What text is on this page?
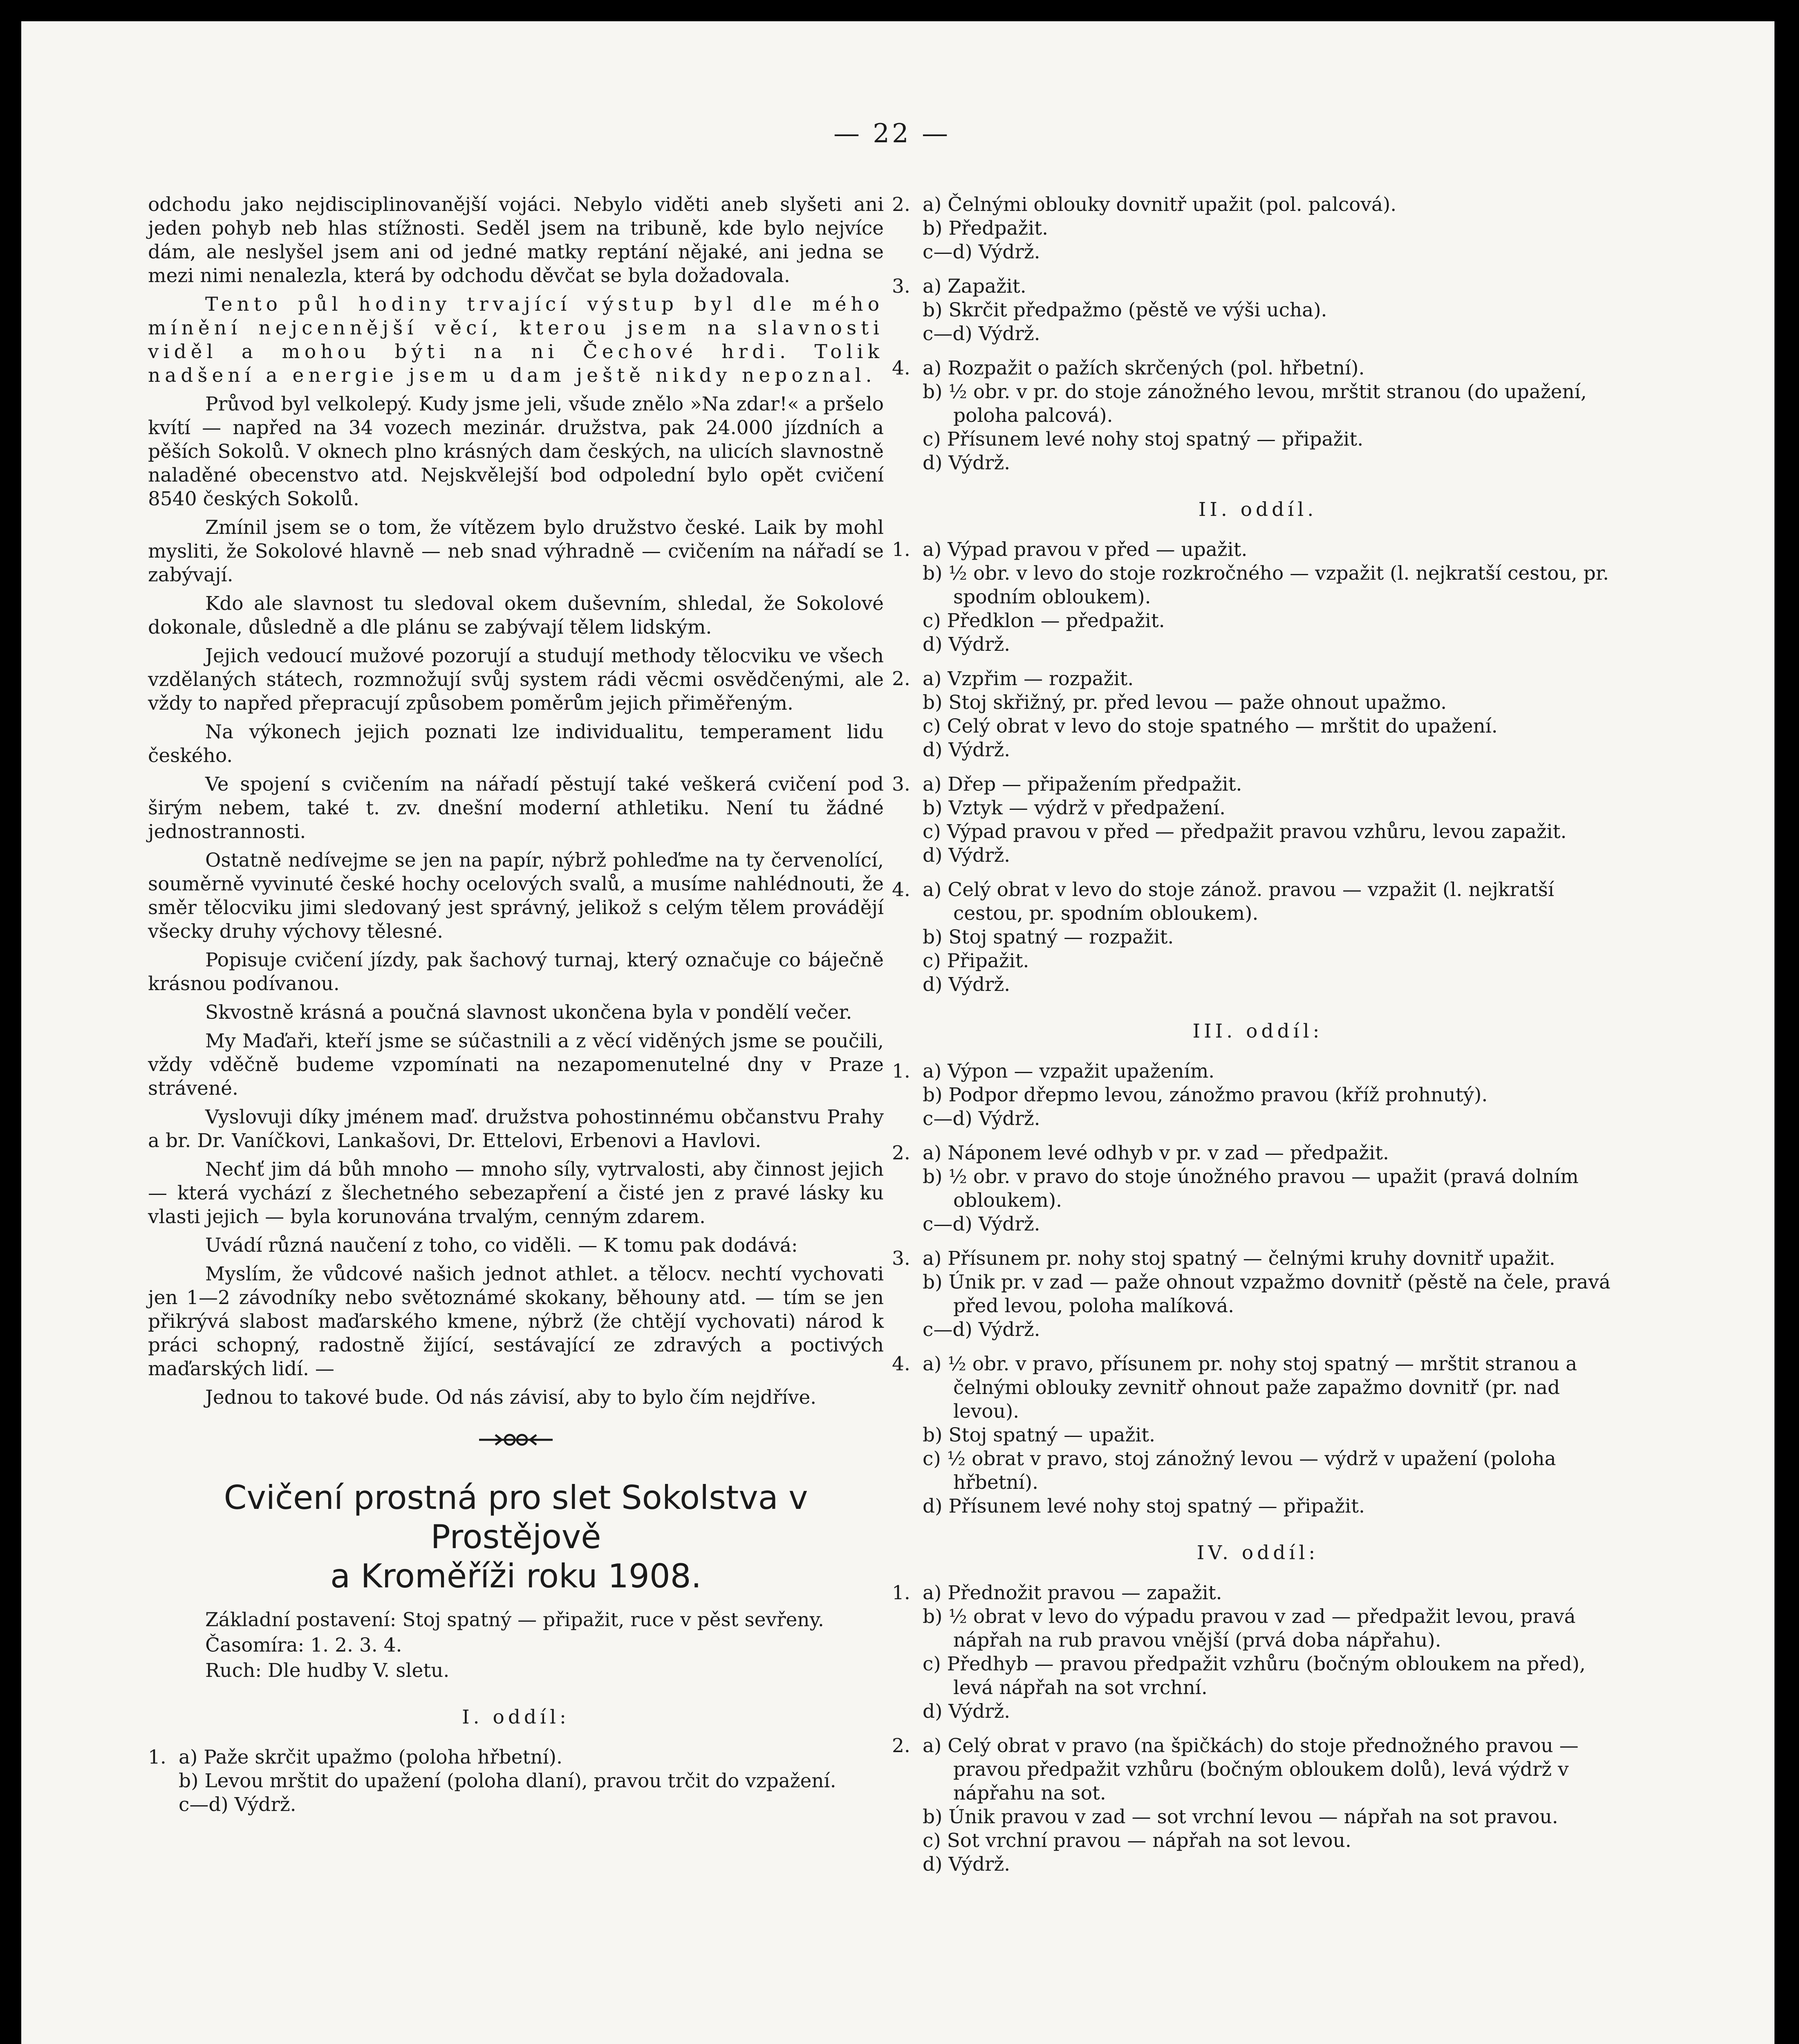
— 22 —

odchodu jako nejdisciplinovanější vojáci. Nebylo viděti aneb slyšeti ani jeden pohyb neb hlas stížnosti. Seděl jsem na tribuně, kde bylo nejvíce dám, ale neslyšel jsem ani od jedné matky reptání nějaké, ani jedna se mezi nimi nenalezla, která by odchodu děvčat se byla dožadovala.

Tento půl hodiny trvající výstup byl dle mého mínění nejcennější věcí, kterou jsem na slavnosti viděl a mohou býti na ni Čechové hrdi. Tolik nadšení a energie jsem u dam ještě nikdy nepoznal.

Průvod byl velkolepý. Kudy jsme jeli, všude znělo »Na zdar!« a pršelo kvítí — napřed na 34 vozech mezinár. družstva, pak 24.000 jízdních a pěších Sokolů. V oknech plno krásných dam českých, na ulicích slavnostně naladěné obecenstvo atd. Nejskvělejší bod odpolední bylo opět cvičení 8540 českých Sokolů.

Zmínil jsem se o tom, že vítězem bylo družstvo české. Laik by mohl mysliti, že Sokolové hlavně — neb snad výhradně — cvičením na nářadí se zabývají.

Kdo ale slavnost tu sledoval okem duševním, shledal, že Sokolové dokonale, důsledně a dle plánu se zabývají tělem lidským.

Jejich vedoucí mužové pozorují a studují methody tělocviku ve všech vzdělaných státech, rozmnožují svůj system rádi věcmi osvědčenými, ale vždy to napřed přepracují způsobem poměrům jejich přiměřeným.

Na výkonech jejich poznati lze individualitu, temperament lidu českého.

Ve spojení s cvičením na nářadí pěstují také veškerá cvičení pod širým nebem, také t. zv. dnešní moderní athletiku. Není tu žádné jednostrannosti.

Ostatně nedívejme se jen na papír, nýbrž pohleďme na ty červenolící, souměrně vyvinuté české hochy ocelových svalů, a musíme nahlédnouti, že směr tělocviku jimi sledovaný jest správný, jelikož s celým tělem provádějí všecky druhy výchovy tělesné.

Popisuje cvičení jízdy, pak šachový turnaj, který označuje co báječně krásnou podívanou.

Skvostně krásná a poučná slavnost ukončena byla v pondělí večer.

My Maďaři, kteří jsme se súčastnili a z věcí viděných jsme se poučili, vždy vděčně budeme vzpomínati na nezapomenutelné dny v Praze strávené.

Vyslovuji díky jménem maď. družstva pohostinnému občanstvu Prahy a br. Dr. Vaníčkovi, Lankašovi, Dr. Ettelovi, Erbenovi a Havlovi.

Nechť jim dá bůh mnoho — mnoho síly, vytrvalosti, aby činnost jejich — která vychází z šlechetného sebezapření a čisté jen z pravé lásky ku vlasti jejich — byla korunována trvalým, cenným zdarem.

Uvádí různá naučení z toho, co viděli. — K tomu pak dodává:

Myslím, že vůdcové našich jednot athlet. a tělocv. nechtí vychovati jen 1—2 závodníky nebo světoznámé skokany, běhouny atd. — tím se jen přikrývá slabost maďarského kmene, nýbrž (že chtějí vychovati) národ k práci schopný, radostně žijící, sestávající ze zdravých a poctivých maďarských lidí. —

Jednou to takové bude. Od nás závisí, aby to bylo čím nejdříve.

Cvičení prostná pro slet Sokolstva v Prostějově
a Kroměříži roku 1908.

Základní postavení: Stoj spatný — připažit, ruce v pěst sevřeny.

Časomíra: 1. 2. 3. 4.

Ruch: Dle hudby V. sletu.

I. oddíl:
1. a) Paže skrčit upažmo (poloha hřbetní).
b) Levou mrštit do upažení (poloha dlaní), pravou trčit do vzpažení.
c—d) Výdrž.
2. a) Čelnými oblouky dovnitř upažit (pol. palcová).
b) Předpažit.
c—d) Výdrž.
3. a) Zapažit.
b) Skrčit předpažmo (pěstě ve výši ucha).
c—d) Výdrž.
4. a) Rozpažit o pažích skrčených (pol. hřbetní).
b) ½ obr. v pr. do stoje zánožného levou, mrštit stranou (do upažení, poloha palcová).
c) Přísunem levé nohy stoj spatný — připažit.
d) Výdrž.
II. oddíl.
1. a) Výpad pravou v před — upažit.
b) ½ obr. v levo do stoje rozkročného — vzpažit (l. nejkratší cestou, pr. spodním obloukem).
c) Předklon — předpažit.
d) Výdrž.
2. a) Vzpřim — rozpažit.
b) Stoj skřižný, pr. před levou — paže ohnout upažmo.
c) Celý obrat v levo do stoje spatného — mrštit do upažení.
d) Výdrž.
3. a) Dřep — připažením předpažit.
b) Vztyk — výdrž v předpažení.
c) Výpad pravou v před — předpažit pravou vzhůru, levou zapažit.
d) Výdrž.
4. a) Celý obrat v levo do stoje zánož. pravou — vzpažit (l. nejkratší cestou, pr. spodním obloukem).
b) Stoj spatný — rozpažit.
c) Připažit.
d) Výdrž.
III. oddíl:
1. a) Výpon — vzpažit upažením.
b) Podpor dřepmo levou, zánožmo pravou (kříž prohnutý).
c—d) Výdrž.
2. a) Náponem levé odhyb v pr. v zad — předpažit.
b) ½ obr. v pravo do stoje únožného pravou — upažit (pravá dolním obloukem).
c—d) Výdrž.
3. a) Přísunem pr. nohy stoj spatný — čelnými kruhy dovnitř upažit.
b) Únik pr. v zad — paže ohnout vzpažmo dovnitř (pěstě na čele, pravá před levou, poloha malíková.
c—d) Výdrž.
4. a) ½ obr. v pravo, přísunem pr. nohy stoj spatný — mrštit stranou a čelnými oblouky zevnitř ohnout paže zapažmo dovnitř (pr. nad levou).
b) Stoj spatný — upažit.
c) ½ obrat v pravo, stoj zánožný levou — výdrž v upažení (poloha hřbetní).
d) Přísunem levé nohy stoj spatný — připažit.
IV. oddíl:
1. a) Přednožit pravou — zapažit.
b) ½ obrat v levo do výpadu pravou v zad — předpažit levou, pravá nápřah na rub pravou vnější (prvá doba nápřahu).
c) Předhyb — pravou předpažit vzhůru (bočným obloukem na před), levá nápřah na sot vrchní.
d) Výdrž.
2. a) Celý obrat v pravo (na špičkách) do stoje přednožného pravou — pravou předpažit vzhůru (bočným obloukem dolů), levá výdrž v nápřahu na sot.
b) Únik pravou v zad — sot vrchní levou — nápřah na sot pravou.
c) Sot vrchní pravou — nápřah na sot levou.
d) Výdrž.
